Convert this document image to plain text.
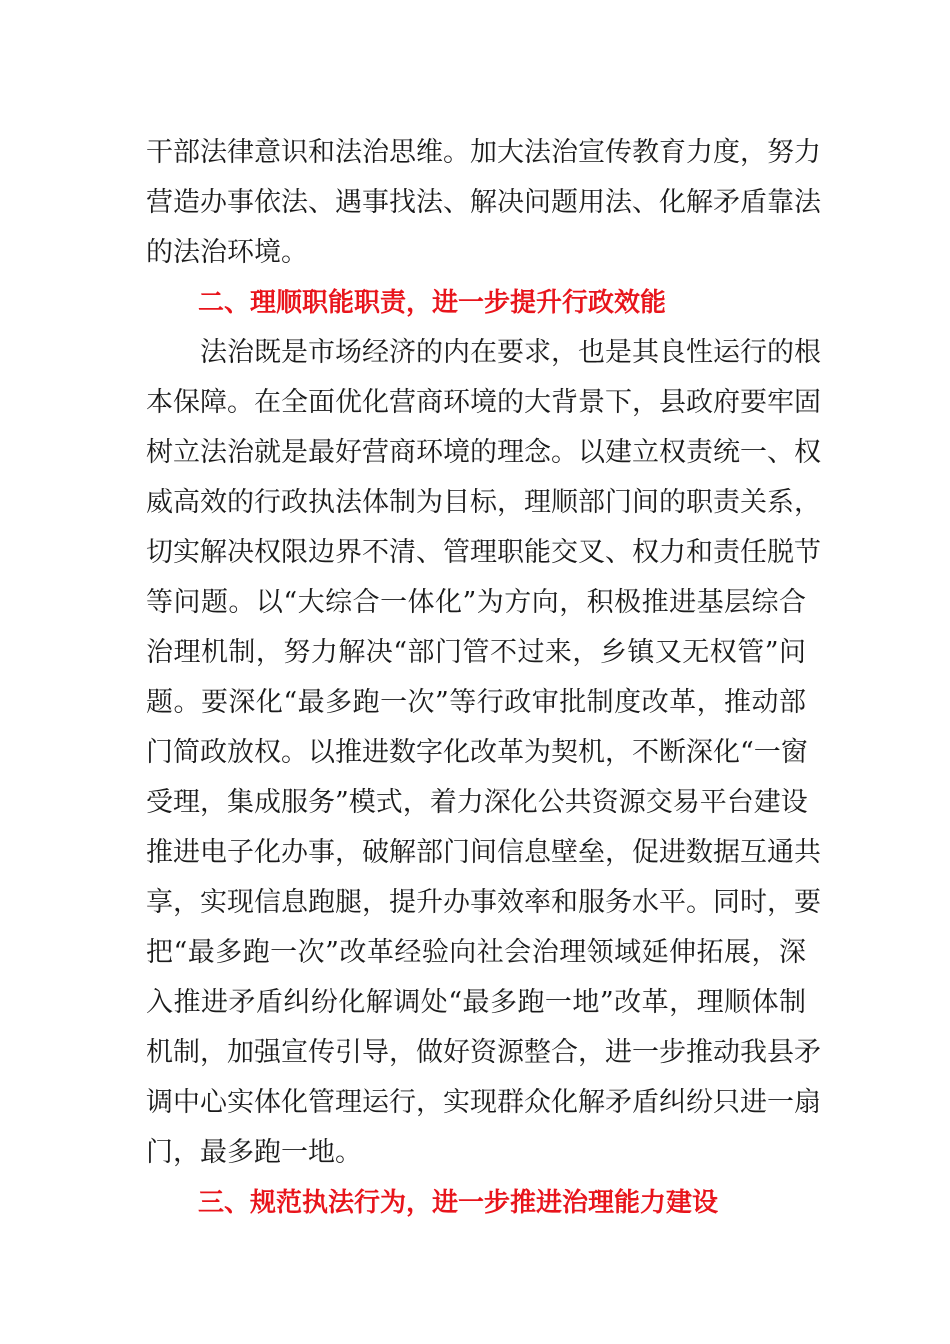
干部法律意识和法治思维。加大法治宣传教育力度，努力
营造办事依法、遇事找法、解决问题用法、化解矛盾靠法
的法治环境。
二、理顺职能职责，进一步提升行政效能
法治既是市场经济的内在要求，也是其良性运行的根
本保障。在全面优化营商环境的大背景下，县政府要牢固
树立法治就是最好营商环境的理念。以建立权责统一、权
威高效的行政执法体制为目标，理顺部门间的职责关系，
切实解决权限边界不清、管理职能交叉、权力和责任脱节
等问题。以“大综合一体化”为方向，积极推进基层综合
治理机制，努力解决“部门管不过来，乡镇又无权管”问
题。要深化“最多跑一次”等行政审批制度改革，推动部
门简政放权。以推进数字化改革为契机，不断深化“一窗
受理，集成服务”模式，着力深化公共资源交易平台建设
推进电子化办事，破解部门间信息壁垒，促进数据互通共
享，实现信息跑腿，提升办事效率和服务水平。同时，要
把“最多跑一次”改革经验向社会治理领域延伸拓展，深
入推进矛盾纠纷化解调处“最多跑一地”改革，理顺体制
机制，加强宣传引导，做好资源整合，进一步推动我县矛
调中心实体化管理运行，实现群众化解矛盾纠纷只进一扇
门，最多跑一地。
三、规范执法行为，进一步推进治理能力建设
